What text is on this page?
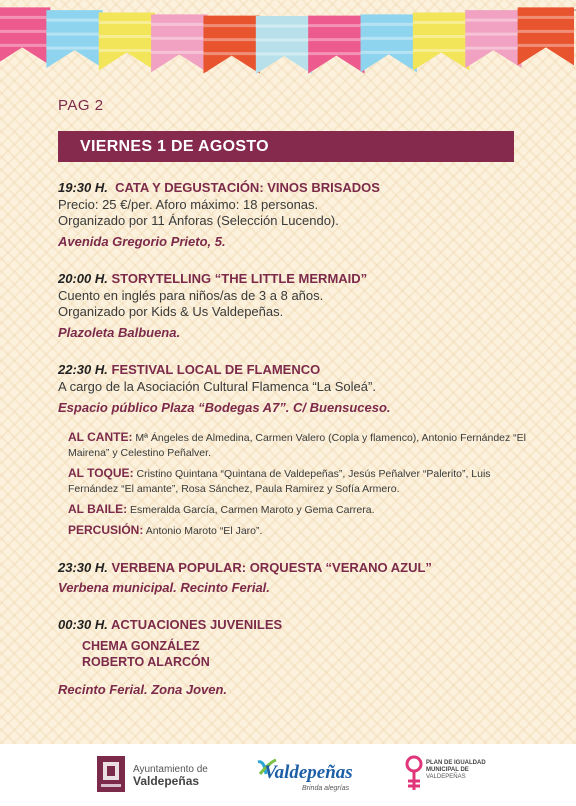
PAG 2
VIERNES 1 DE AGOSTO
19:30 H. CATA Y DEGUSTACIÓN: VINOS BRISADOS
Precio: 25 €/per. Aforo máximo: 18 personas.
Organizado por 11 Ánforas (Selección Lucendo).
Avenida Gregorio Prieto, 5.
20:00 H. STORYTELLING “THE LITTLE MERMAID”
Cuento en inglés para niños/as de 3 a 8 años.
Organizado por Kids & Us Valdepeñas.
Plazoleta Balbuena.
22:30 H. FESTIVAL LOCAL DE FLAMENCO
A cargo de la Asociación Cultural Flamenca “La Soleá”.
Espacio público Plaza “Bodegas A7”. C/ Buensuceso.
AL CANTE: Mª Ángeles de Almedina, Carmen Valero (Copla y flamenco), Antonio Fernández “El Mairena” y Celestino Peñalver.
AL TOQUE: Cristino Quintana “Quintana de Valdepeñas”, Jesús Peñalver “Palerito”, Luis Fernández “El amante”, Rosa Sánchez, Paula Ramirez y Sofía Armero.
AL BAILE: Esmeralda García, Carmen Maroto y Gema Carrera.
PERCUSIÓN: Antonio Maroto “El Jaro”.
23:30 H. VERBENA POPULAR: ORQUESTA “VERANO AZUL”
Verbena municipal. Recinto Ferial.
00:30 H. ACTUACIONES JUVENILES
CHEMA GONZÁLEZ
ROBERTO ALARCÓN
Recinto Ferial. Zona Joven.
Ayuntamiento de
Valdepeñas	Valdepeñas
Brinda alegrías
PLAN DE IGUALDAD
MUNICIPAL DE
VALDEPEÑAS
